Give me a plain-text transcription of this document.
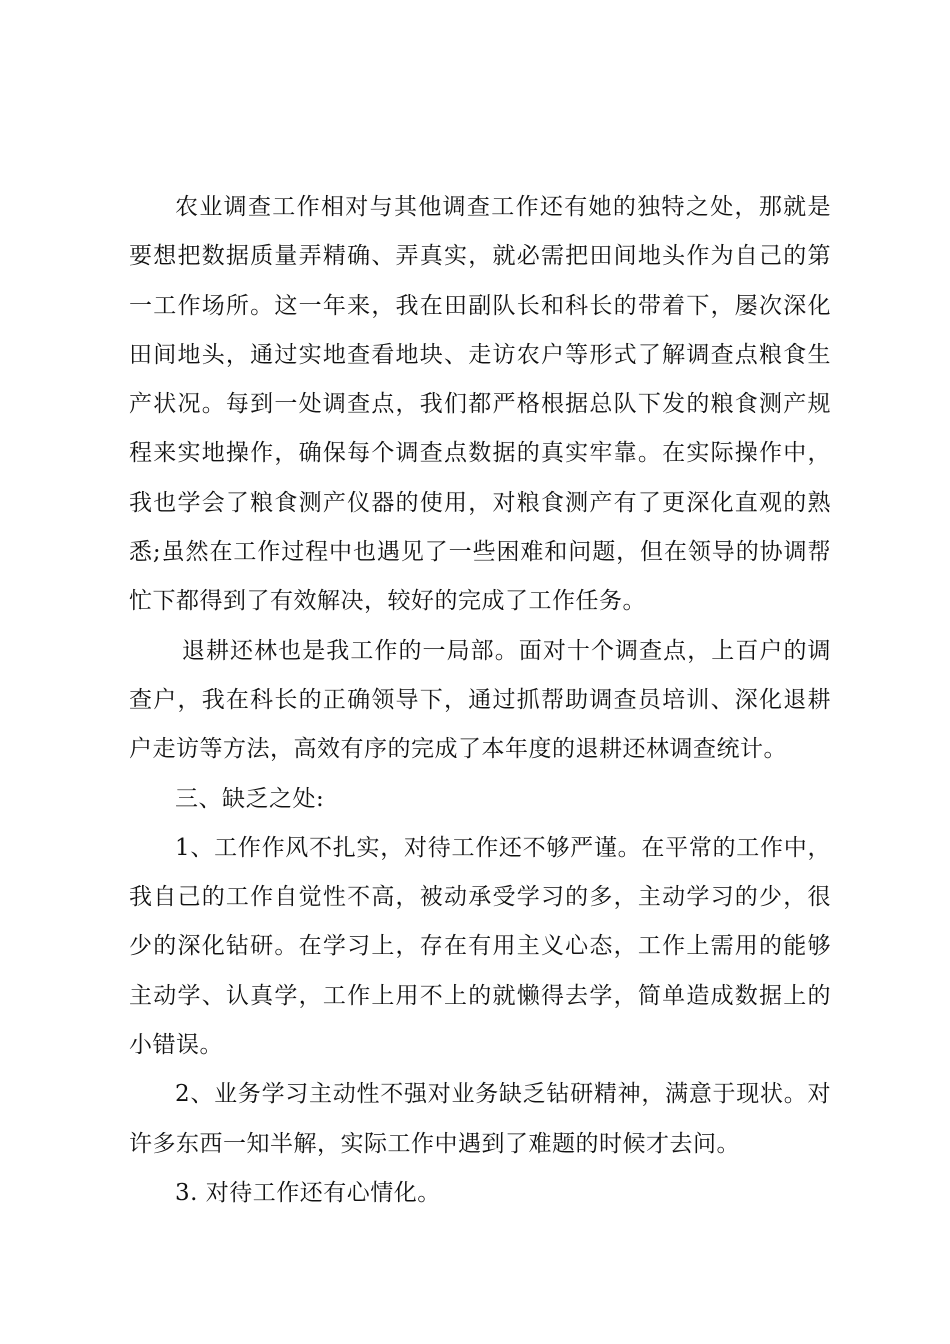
农业调查工作相对与其他调查工作还有她的独特之处，那就是要想把数据质量弄精确、弄真实，就必需把田间地头作为自己的第一工作场所。这一年来，我在田副队长和科长的带着下，屡次深化田间地头，通过实地查看地块、走访农户等形式了解调查点粮食生产状况。每到一处调查点，我们都严格根据总队下发的粮食测产规程来实地操作，确保每个调查点数据的真实牢靠。在实际操作中，我也学会了粮食测产仪器的使用，对粮食测产有了更深化直观的熟悉;虽然在工作过程中也遇见了一些困难和问题，但在领导的协调帮忙下都得到了有效解决，较好的完成了工作任务。

退耕还林也是我工作的一局部。面对十个调查点，上百户的调查户，我在科长的正确领导下，通过抓帮助调查员培训、深化退耕户走访等方法，高效有序的完成了本年度的退耕还林调查统计。

三、缺乏之处:

1、工作作风不扎实，对待工作还不够严谨。在平常的工作中，我自己的工作自觉性不高，被动承受学习的多，主动学习的少，很少的深化钻研。在学习上，存在有用主义心态，工作上需用的能够主动学、认真学，工作上用不上的就懒得去学，简单造成数据上的小错误。

2、业务学习主动性不强对业务缺乏钻研精神，满意于现状。对许多东西一知半解，实际工作中遇到了难题的时候才去问。

3. 对待工作还有心情化。
